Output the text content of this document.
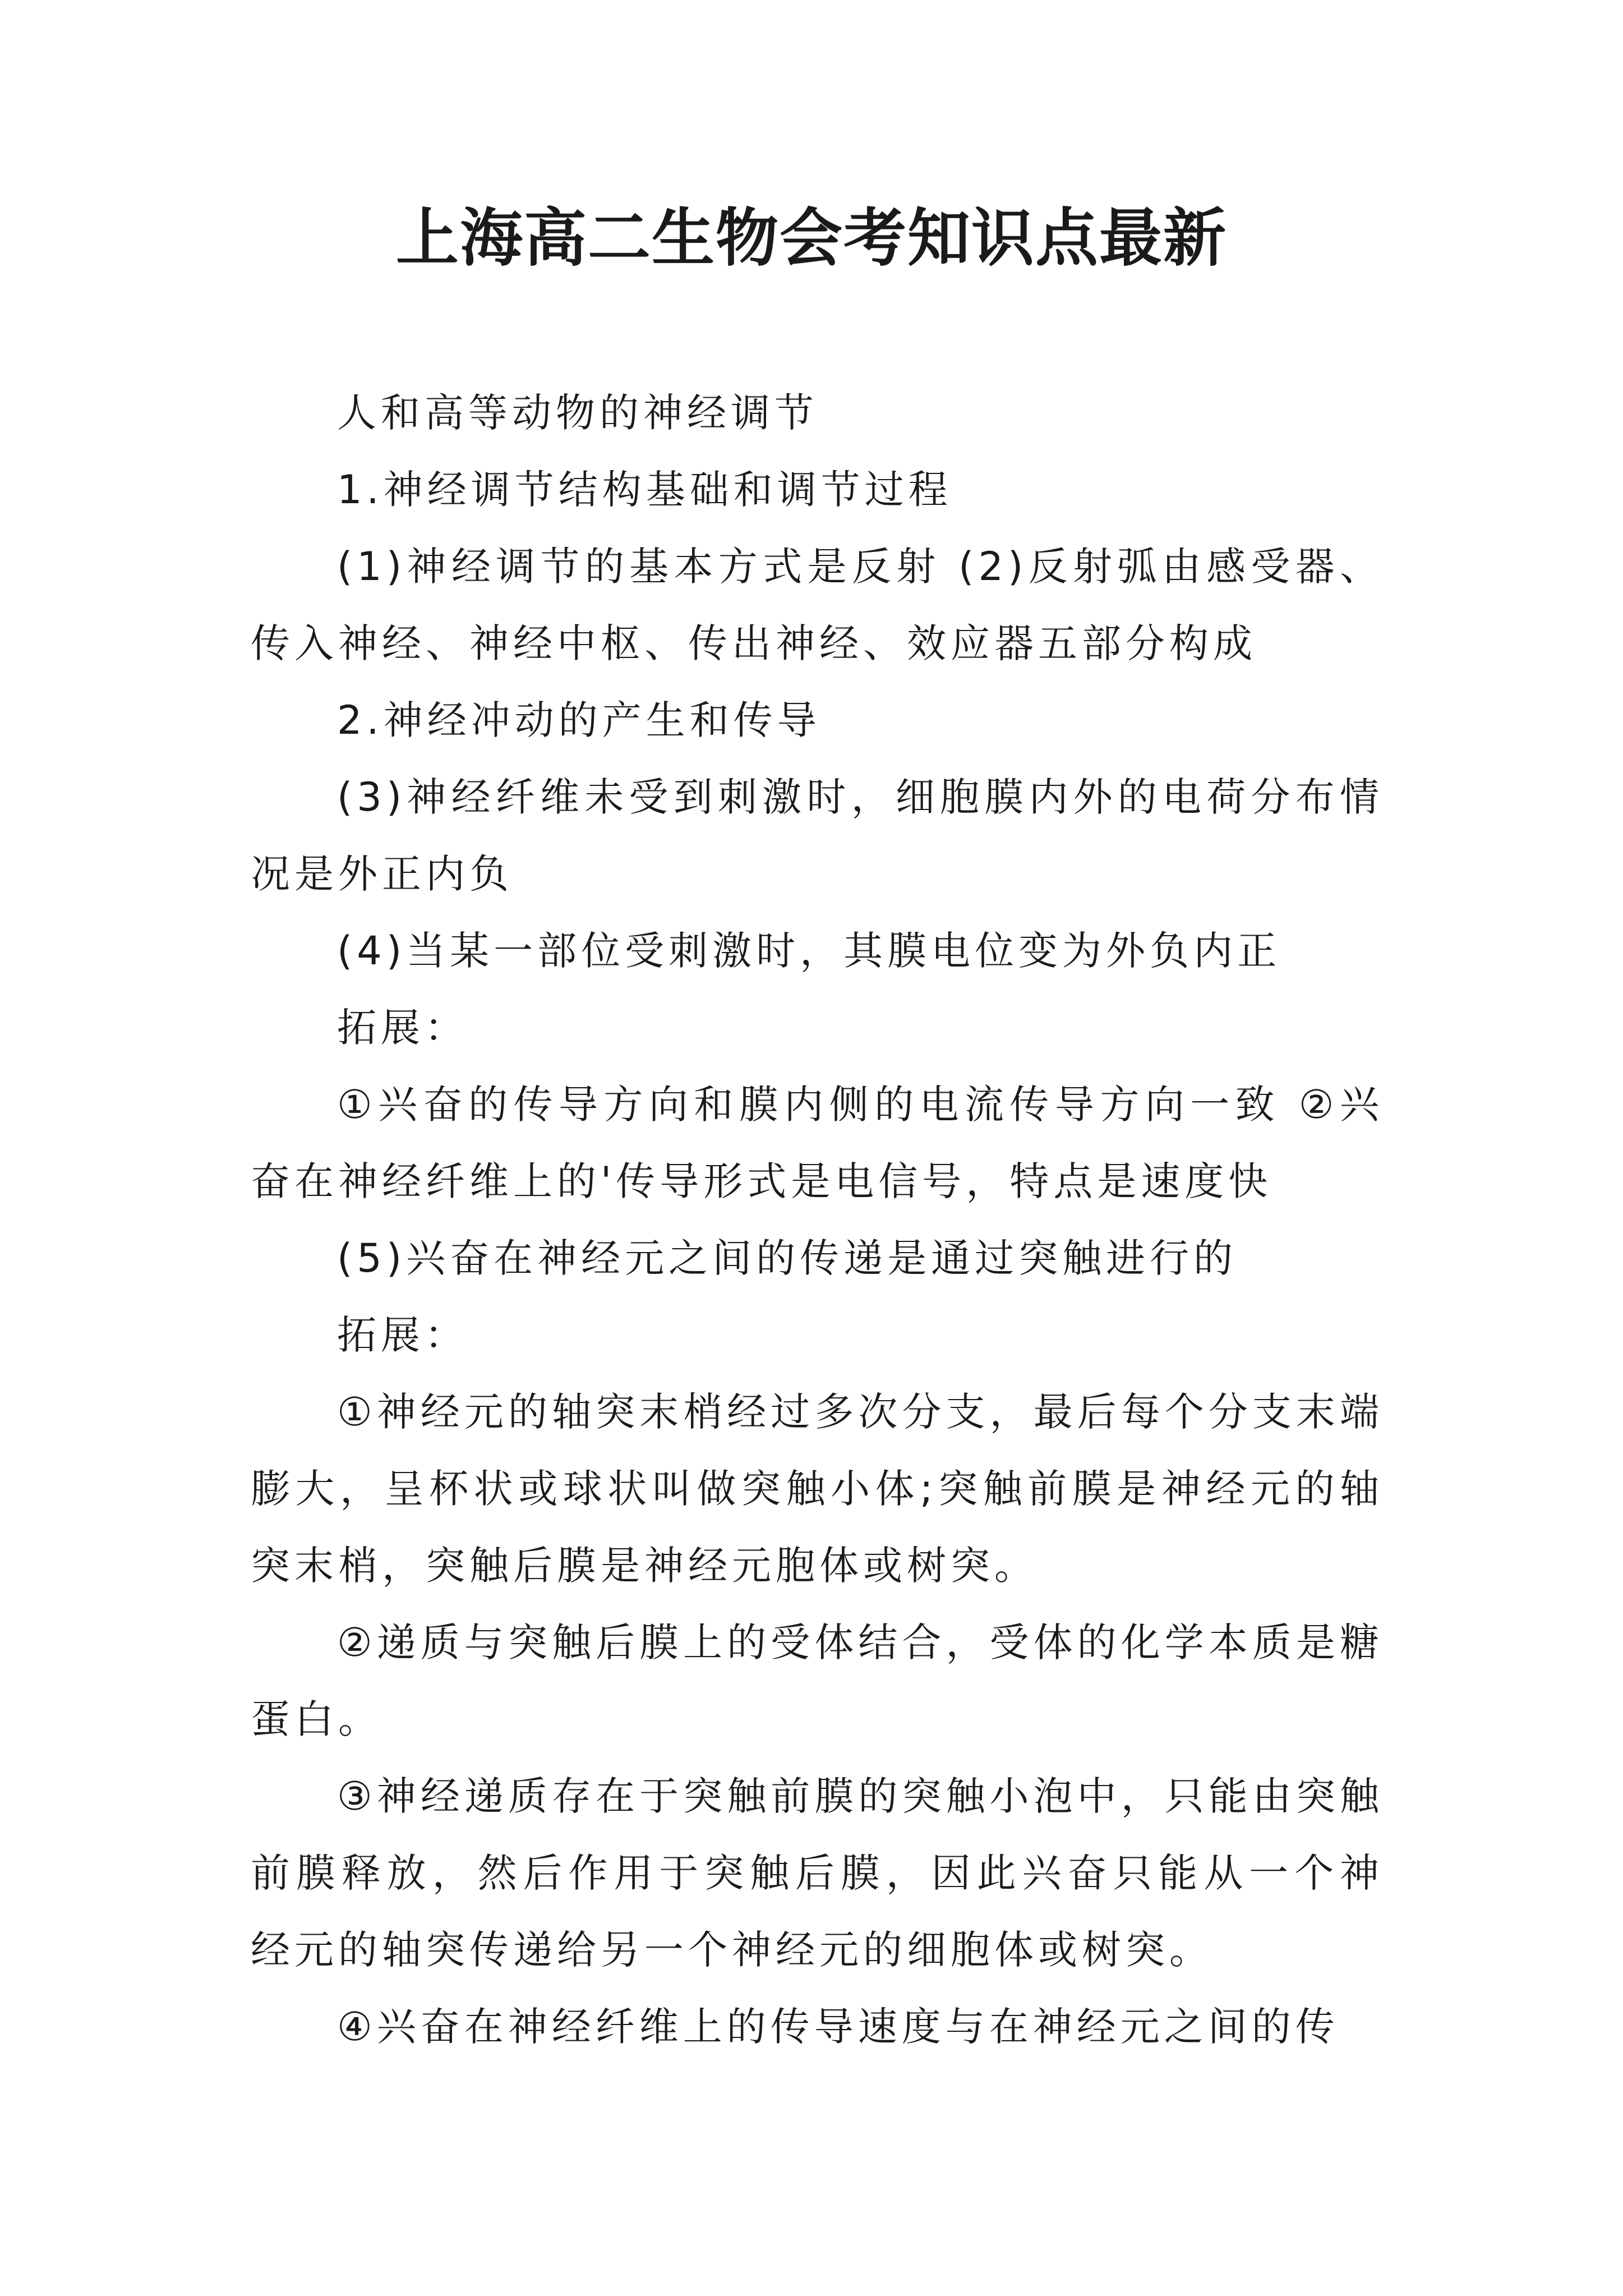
上海高二生物会考知识点最新

人和高等动物的神经调节

1.神经调节结构基础和调节过程

(1)神经调节的基本方式是反射 (2)反射弧由感受器、传入神经、神经中枢、传出神经、效应器五部分构成

2.神经冲动的产生和传导

(3)神经纤维未受到刺激时，细胞膜内外的电荷分布情况是外正内负

(4)当某一部位受刺激时，其膜电位变为外负内正

拓展：

①兴奋的传导方向和膜内侧的电流传导方向一致 ②兴奋在神经纤维上的'传导形式是电信号，特点是速度快

(5)兴奋在神经元之间的传递是通过突触进行的

拓展：

①神经元的轴突末梢经过多次分支，最后每个分支末端膨大，呈杯状或球状叫做突触小体;突触前膜是神经元的轴突末梢，突触后膜是神经元胞体或树突。

②递质与突触后膜上的受体结合，受体的化学本质是糖蛋白。

③神经递质存在于突触前膜的突触小泡中，只能由突触前膜释放，然后作用于突触后膜，因此兴奋只能从一个神经元的轴突传递给另一个神经元的细胞体或树突。

④兴奋在神经纤维上的传导速度与在神经元之间的传
